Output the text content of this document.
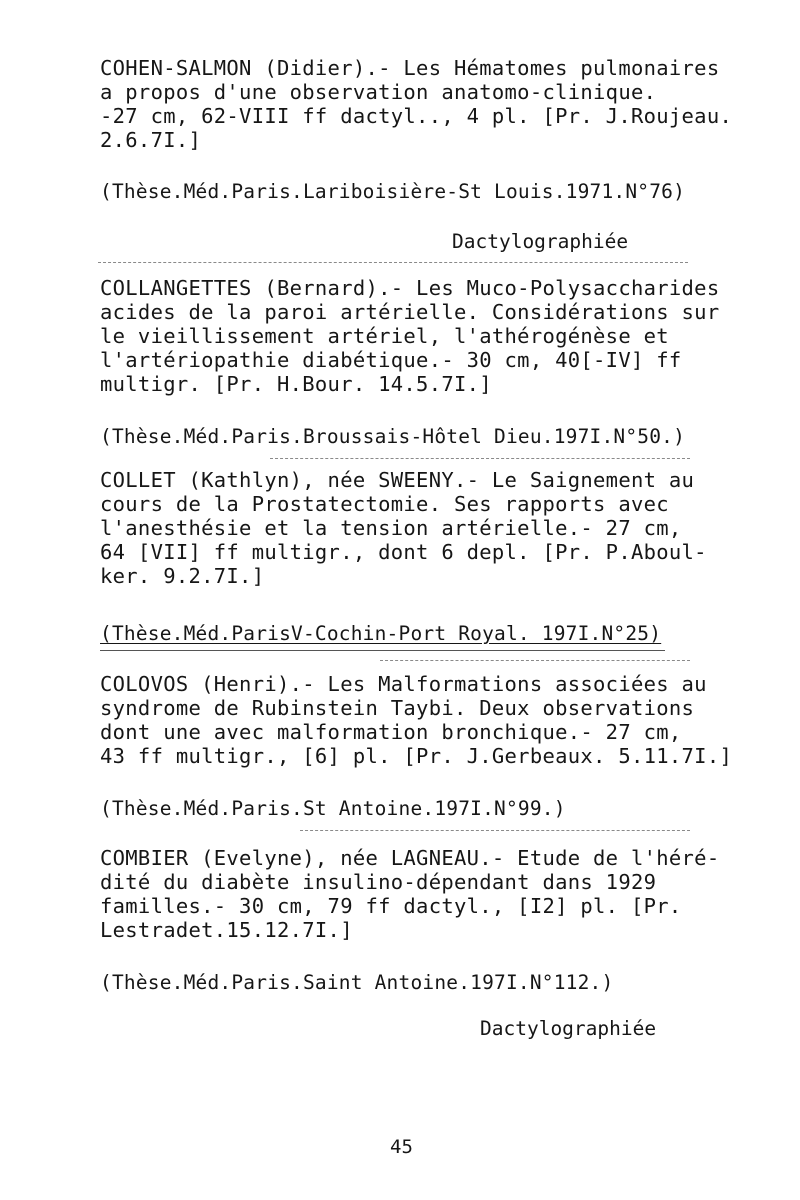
COHEN-SALMON (Didier).- Les Hématomes pulmonaires
a propos d'une observation anatomo-clinique.
-27 cm, 62-VIII ff dactyl.., 4 pl. [Pr. J.Roujeau.
2.6.7I.]
(Thèse.Méd.Paris.Lariboisière-St Louis.1971.N°76)
Dactylographiée
COLLANGETTES (Bernard).- Les Muco-Polysaccharides
acides de la paroi artérielle. Considérations sur
le vieillissement artériel, l'athérogénèse et
l'artériopathie diabétique.- 30 cm, 40[-IV] ff
multigr. [Pr. H.Bour. 14.5.7I.]
(Thèse.Méd.Paris.Broussais-Hôtel Dieu.197I.N°50.)
COLLET (Kathlyn), née SWEENY.- Le Saignement au
cours de la Prostatectomie. Ses rapports avec
l'anesthésie et la tension artérielle.- 27 cm,
64 [VII] ff multigr., dont 6 depl. [Pr. P.Aboul-
ker. 9.2.7I.]
(Thèse.Méd.ParisV-Cochin-Port Royal. 197I.N°25)
COLOVOS (Henri).- Les Malformations associées au
syndrome de Rubinstein Taybi. Deux observations
dont une avec malformation bronchique.- 27 cm,
43 ff multigr., [6] pl. [Pr. J.Gerbeaux. 5.11.7I.]
(Thèse.Méd.Paris.St Antoine.197I.N°99.)
COMBIER (Evelyne), née LAGNEAU.- Etude de l'héré-
dité du diabète insulino-dépendant dans 1929
familles.- 30 cm, 79 ff dactyl., [I2] pl. [Pr.
Lestradet.15.12.7I.]
(Thèse.Méd.Paris.Saint Antoine.197I.N°112.)
Dactylographiée
45
